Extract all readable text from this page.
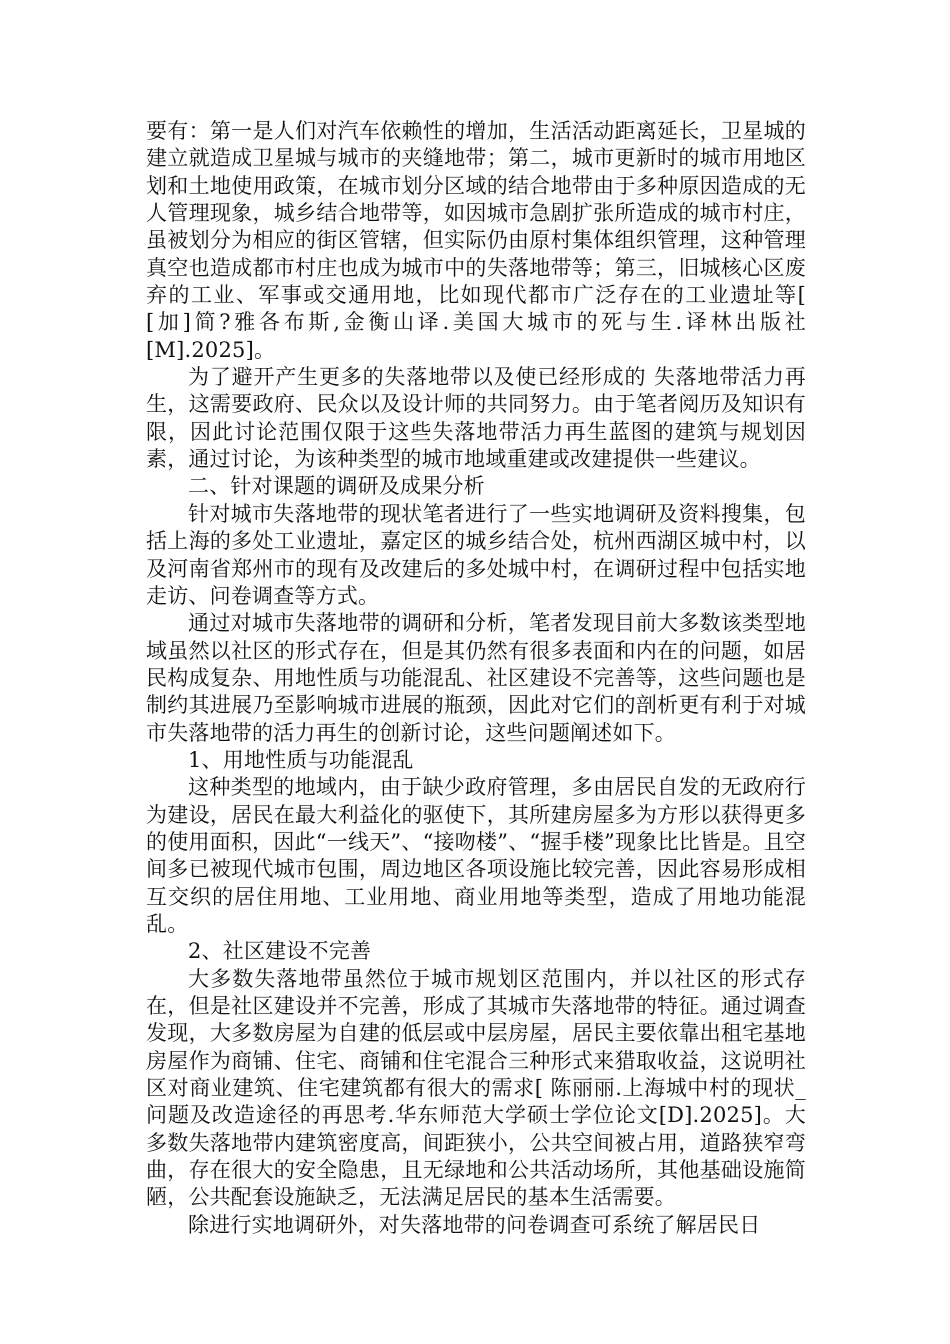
要有：第一是人们对汽车依赖性的增加，生活活动距离延长，卫星城的建立就造成卫星城与城市的夹缝地带；第二，城市更新时的城市用地区划和土地使用政策，在城市划分区域的结合地带由于多种原因造成的无人管理现象，城乡结合地带等，如因城市急剧扩张所造成的城市村庄，虽被划分为相应的街区管辖，但实际仍由原村集体组织管理，这种管理真空也造成都市村庄也成为城市中的失落地带等；第三，旧城核心区废弃的工业、军事或交通用地，比如现代都市广泛存在的工业遗址等[ [加]简?雅各布斯,金衡山译.美国大城市的死与生.译林出版社[M].2025]。

为了避开产生更多的失落地带以及使已经形成的 失落地带活力再生，这需要政府、民众以及设计师的共同努力。由于笔者阅历及知识有限，因此讨论范围仅限于这些失落地带活力再生蓝图的建筑与规划因素，通过讨论，为该种类型的城市地域重建或改建提供一些建议。

二、针对课题的调研及成果分析

针对城市失落地带的现状笔者进行了一些实地调研及资料搜集，包括上海的多处工业遗址，嘉定区的城乡结合处，杭州西湖区城中村，以及河南省郑州市的现有及改建后的多处城中村，在调研过程中包括实地走访、问卷调查等方式。

通过对城市失落地带的调研和分析，笔者发现目前大多数该类型地域虽然以社区的形式存在，但是其仍然有很多表面和内在的问题，如居民构成复杂、用地性质与功能混乱、社区建设不完善等，这些问题也是制约其进展乃至影响城市进展的瓶颈，因此对它们的剖析更有利于对城市失落地带的活力再生的创新讨论，这些问题阐述如下。

1、用地性质与功能混乱

这种类型的地域内，由于缺少政府管理，多由居民自发的无政府行为建设，居民在最大利益化的驱使下，其所建房屋多为方形以获得更多的使用面积，因此“一线天”、“接吻楼”、“握手楼”现象比比皆是。且空间多已被现代城市包围，周边地区各项设施比较完善，因此容易形成相互交织的居住用地、工业用地、商业用地等类型，造成了用地功能混乱。

2、社区建设不完善

大多数失落地带虽然位于城市规划区范围内，并以社区的形式存在，但是社区建设并不完善，形成了其城市失落地带的特征。通过调查发现，大多数房屋为自建的低层或中层房屋，居民主要依靠出租宅基地房屋作为商铺、住宅、商铺和住宅混合三种形式来猎取收益，这说明社区对商业建筑、住宅建筑都有很大的需求[ 陈丽丽.上海城中村的现状_问题及改造途径的再思考.华东师范大学硕士学位论文[D].2025]。大多数失落地带内建筑密度高，间距狭小，公共空间被占用，道路狭窄弯曲，存在很大的安全隐患，且无绿地和公共活动场所，其他基础设施简陋，公共配套设施缺乏，无法满足居民的基本生活需要。

除进行实地调研外，对失落地带的问卷调查可系统了解居民日
